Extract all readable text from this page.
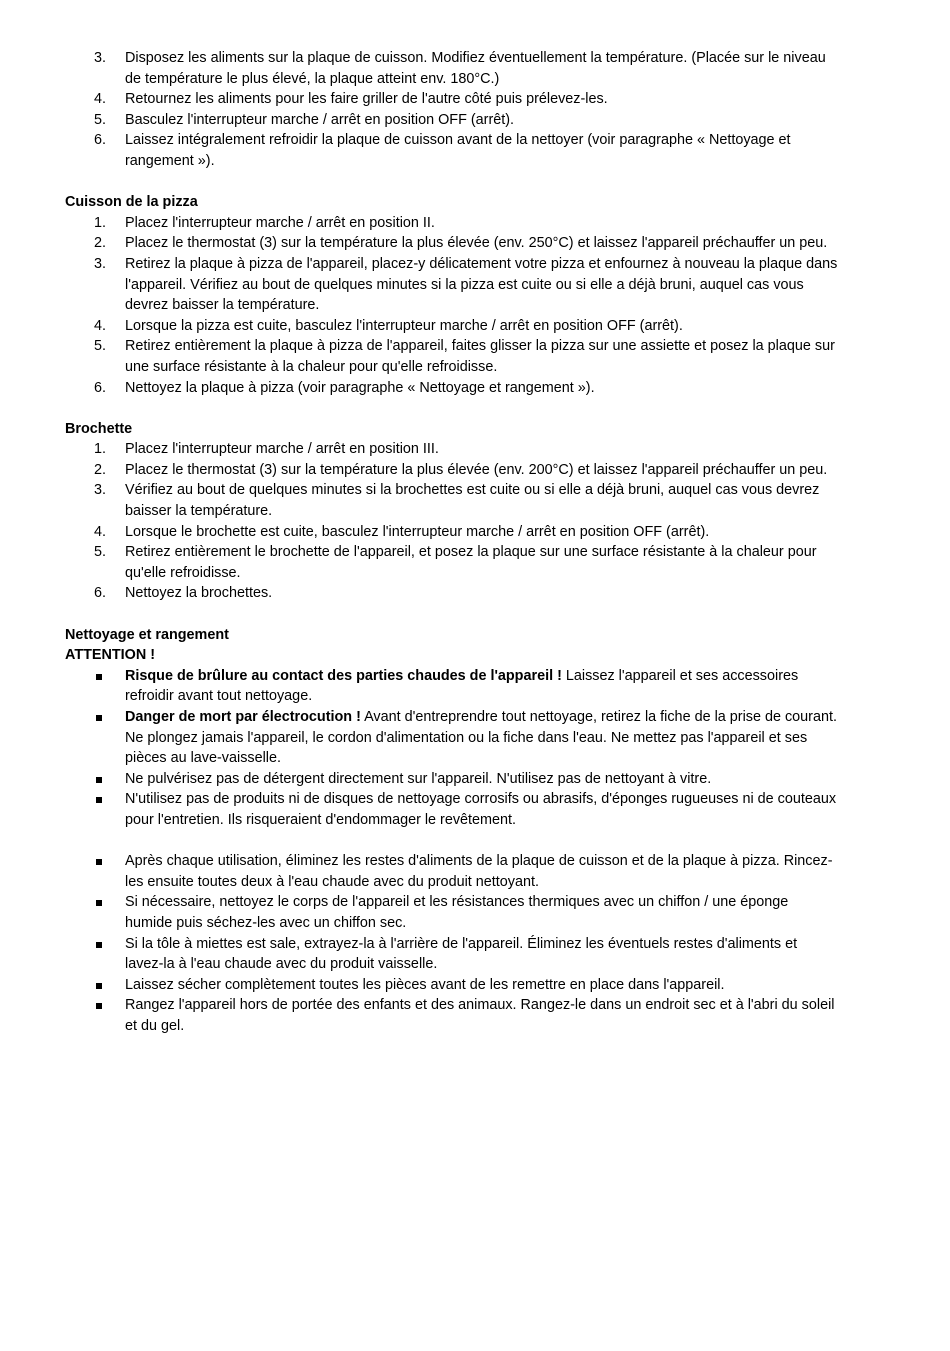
3.	Disposez les aliments sur la plaque de cuisson. Modifiez éventuellement la température. (Placée sur le niveau de température le plus élevé, la plaque atteint env. 180°C.)
4.	Retournez les aliments pour les faire griller de l'autre côté puis prélevez-les.
5.	Basculez l'interrupteur marche / arrêt en position OFF (arrêt).
6.	Laissez intégralement refroidir la plaque de cuisson avant de la nettoyer (voir paragraphe « Nettoyage et rangement »).
Cuisson de la pizza
1.	Placez l'interrupteur marche / arrêt en position II.
2.	Placez le thermostat (3) sur la température la plus élevée (env. 250°C) et laissez l'appareil préchauffer un peu.
3.	Retirez la plaque à pizza de l'appareil, placez-y délicatement votre pizza et enfournez à nouveau la plaque dans l'appareil. Vérifiez au bout de quelques minutes si la pizza est cuite ou si elle a déjà bruni, auquel cas vous devrez baisser la température.
4.	Lorsque la pizza est cuite, basculez l'interrupteur marche / arrêt en position OFF (arrêt).
5.	Retirez entièrement la plaque à pizza de l'appareil, faites glisser la pizza sur une assiette et posez la plaque sur une surface résistante à la chaleur pour qu'elle refroidisse.
6.	Nettoyez la plaque à pizza (voir paragraphe « Nettoyage et rangement »).
Brochette
1.	Placez l'interrupteur marche / arrêt en position III.
2.	Placez le thermostat (3) sur la température la plus élevée (env. 200°C) et laissez l'appareil préchauffer un peu.
3.	Vérifiez au bout de quelques minutes si la brochettes est cuite ou si elle a déjà bruni, auquel cas vous devrez baisser la température.
4.	Lorsque le brochette est cuite, basculez l'interrupteur marche / arrêt en position OFF (arrêt).
5.	Retirez entièrement le brochette de l'appareil, et posez la plaque sur une surface résistante à la chaleur pour qu'elle refroidisse.
6.	Nettoyez la brochettes.
Nettoyage et rangement
ATTENTION !
Risque de brûlure au contact des parties chaudes de l'appareil ! Laissez l'appareil et ses accessoires refroidir avant tout nettoyage.
Danger de mort par électrocution ! Avant d'entreprendre tout nettoyage, retirez la fiche de la prise de courant. Ne plongez jamais l'appareil, le cordon d'alimentation ou la fiche dans l'eau. Ne mettez pas l'appareil et ses pièces au lave-vaisselle.
Ne pulvérisez pas de détergent directement sur l'appareil. N'utilisez pas de nettoyant à vitre.
N'utilisez pas de produits ni de disques de nettoyage corrosifs ou abrasifs, d'éponges rugueuses ni de couteaux pour l'entretien. Ils risqueraient d'endommager le revêtement.
Après chaque utilisation, éliminez les restes d'aliments de la plaque de cuisson et de la plaque à pizza. Rincez-les ensuite toutes deux à l'eau chaude avec du produit nettoyant.
Si nécessaire, nettoyez le corps de l'appareil et les résistances thermiques avec un chiffon / une éponge humide puis séchez-les avec un chiffon sec.
Si la tôle à miettes est sale, extrayez-la à l'arrière de l'appareil. Éliminez les éventuels restes d'aliments et lavez-la à l'eau chaude avec du produit vaisselle.
Laissez sécher complètement toutes les pièces avant de les remettre en place dans l'appareil.
Rangez l'appareil hors de portée des enfants et des animaux. Rangez-le dans un endroit sec et à l'abri du soleil et du gel.
